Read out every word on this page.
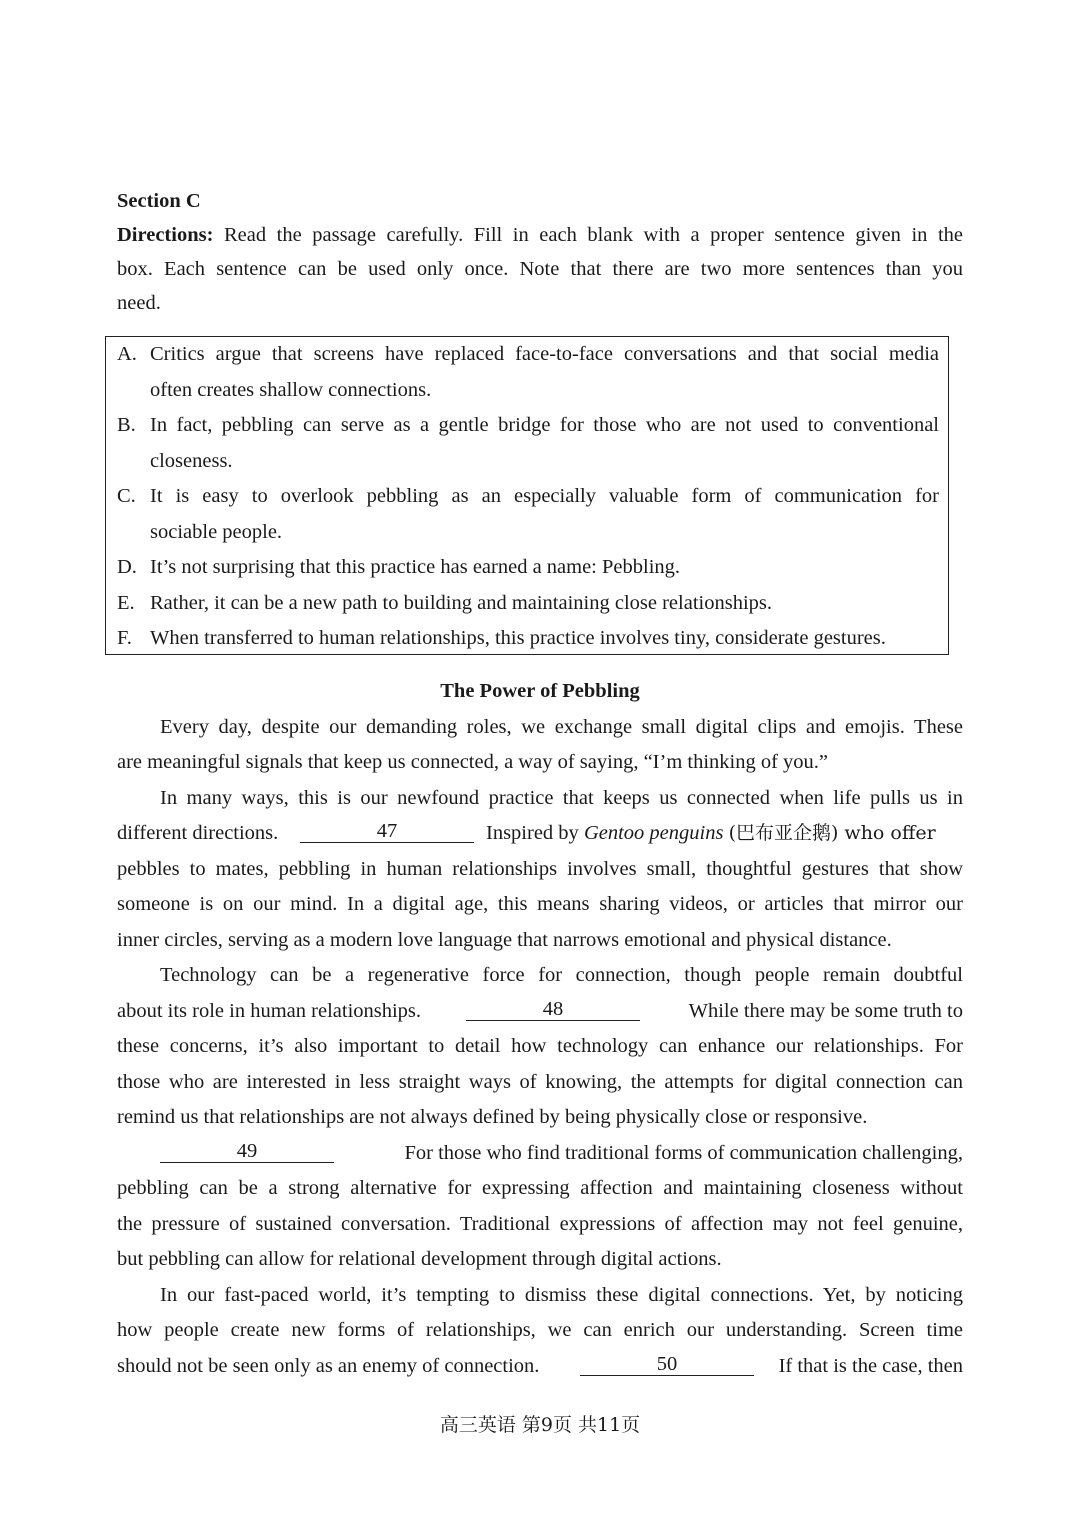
Section C
Directions: Read the passage carefully. Fill in each blank with a proper sentence given in the
box. Each sentence can be used only once. Note that there are two more sentences than you
need.
A. Critics argue that screens have replaced face-to-face conversations and that social media
often creates shallow connections.
B. In fact, pebbling can serve as a gentle bridge for those who are not used to conventional
closeness.
C. It is easy to overlook pebbling as an especially valuable form of communication for
sociable people.
D. It’s not surprising that this practice has earned a name: Pebbling.
E. Rather, it can be a new path to building and maintaining close relationships.
F. When transferred to human relationships, this practice involves tiny, considerate gestures.
The Power of Pebbling
Every day, despite our demanding roles, we exchange small digital clips and emojis. These
are meaningful signals that keep us connected, a way of saying, “I’m thinking of you.”
In many ways, this is our newfound practice that keeps us connected when life pulls us in
different directions.	47	Inspired by Gentoo penguins (巴布亚企鹅) who offer
pebbles to mates, pebbling in human relationships involves small, thoughtful gestures that show
someone is on our mind. In a digital age, this means sharing videos, or articles that mirror our
inner circles, serving as a modern love language that narrows emotional and physical distance.
Technology can be a regenerative force for connection, though people remain doubtful
about its role in human relationships.	48	While there may be some truth to
these concerns, it’s also important to detail how technology can enhance our relationships. For
those who are interested in less straight ways of knowing, the attempts for digital connection can
remind us that relationships are not always defined by being physically close or responsive.
49	For those who find traditional forms of communication challenging,
pebbling can be a strong alternative for expressing affection and maintaining closeness without
the pressure of sustained conversation. Traditional expressions of affection may not feel genuine,
but pebbling can allow for relational development through digital actions.
In our fast-paced world, it’s tempting to dismiss these digital connections. Yet, by noticing
how people create new forms of relationships, we can enrich our understanding. Screen time
should not be seen only as an enemy of connection.	50	If that is the case, then
高三英语 第9页 共11页
